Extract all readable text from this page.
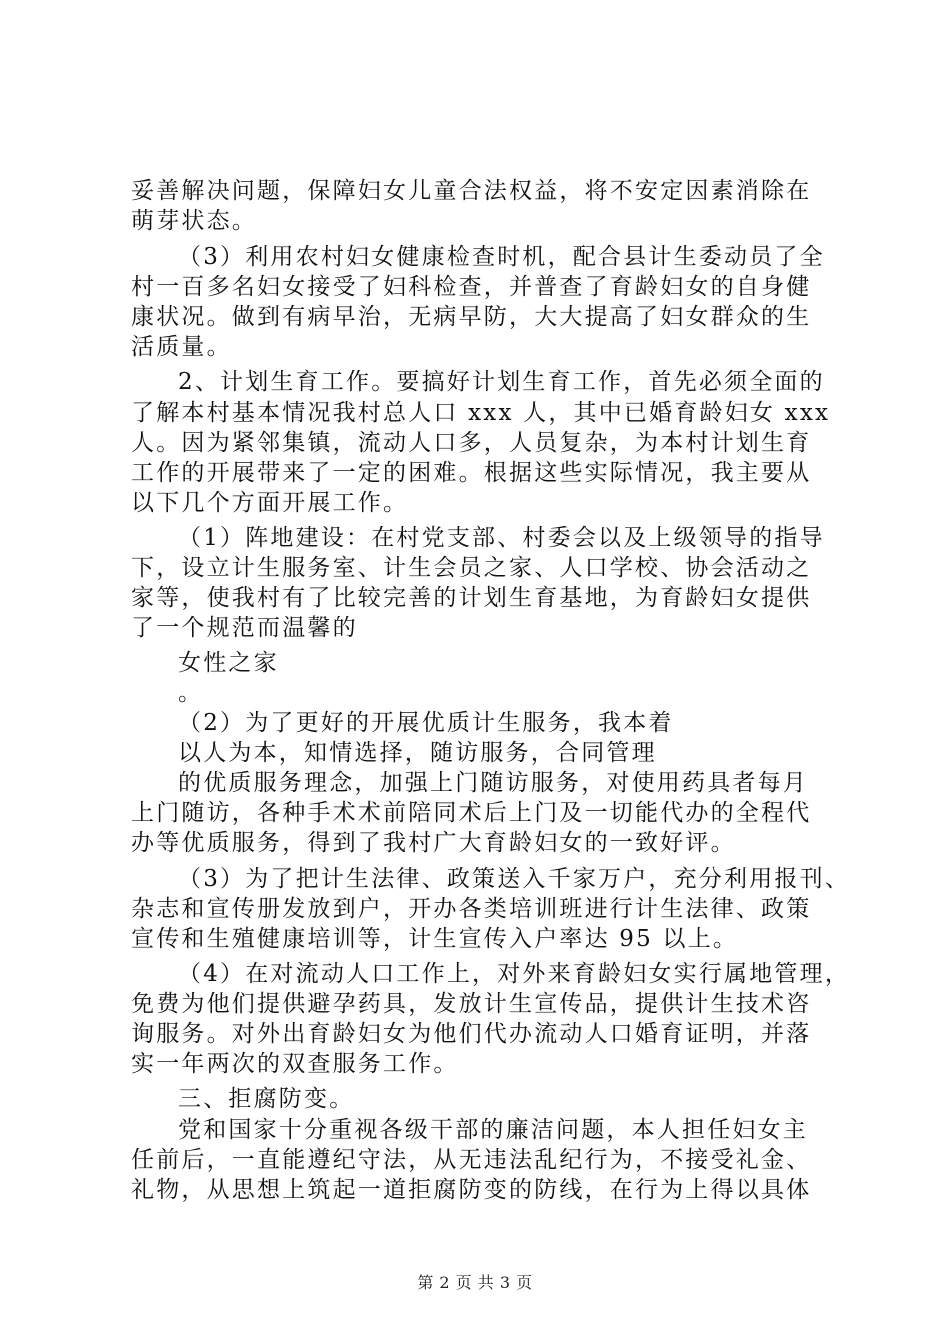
妥善解决问题，保障妇女儿童合法权益，将不安定因素消除在
萌芽状态。
（3）利用农村妇女健康检查时机，配合县计生委动员了全
村一百多名妇女接受了妇科检查，并普查了育龄妇女的自身健
康状况。做到有病早治，无病早防，大大提高了妇女群众的生
活质量。
2、计划生育工作。要搞好计划生育工作，首先必须全面的
了解本村基本情况我村总人口 xxx 人，其中已婚育龄妇女 xxx
人。因为紧邻集镇，流动人口多，人员复杂，为本村计划生育
工作的开展带来了一定的困难。根据这些实际情况，我主要从
以下几个方面开展工作。
（1）阵地建设：在村党支部、村委会以及上级领导的指导
下，设立计生服务室、计生会员之家、人口学校、协会活动之
家等，使我村有了比较完善的计划生育基地，为育龄妇女提供
了一个规范而温馨的
女性之家
。
（2）为了更好的开展优质计生服务，我本着
以人为本，知情选择，随访服务，合同管理
的优质服务理念，加强上门随访服务，对使用药具者每月
上门随访，各种手术术前陪同术后上门及一切能代办的全程代
办等优质服务，得到了我村广大育龄妇女的一致好评。
（3）为了把计生法律、政策送入千家万户，充分利用报刊、
杂志和宣传册发放到户，开办各类培训班进行计生法律、政策
宣传和生殖健康培训等，计生宣传入户率达 95 以上。
（4）在对流动人口工作上，对外来育龄妇女实行属地管理，
免费为他们提供避孕药具，发放计生宣传品，提供计生技术咨
询服务。对外出育龄妇女为他们代办流动人口婚育证明，并落
实一年两次的双查服务工作。
三、拒腐防变。
党和国家十分重视各级干部的廉洁问题，本人担任妇女主
任前后，一直能遵纪守法，从无违法乱纪行为，不接受礼金、
礼物，从思想上筑起一道拒腐防变的防线，在行为上得以具体
第 2 页 共 3 页
